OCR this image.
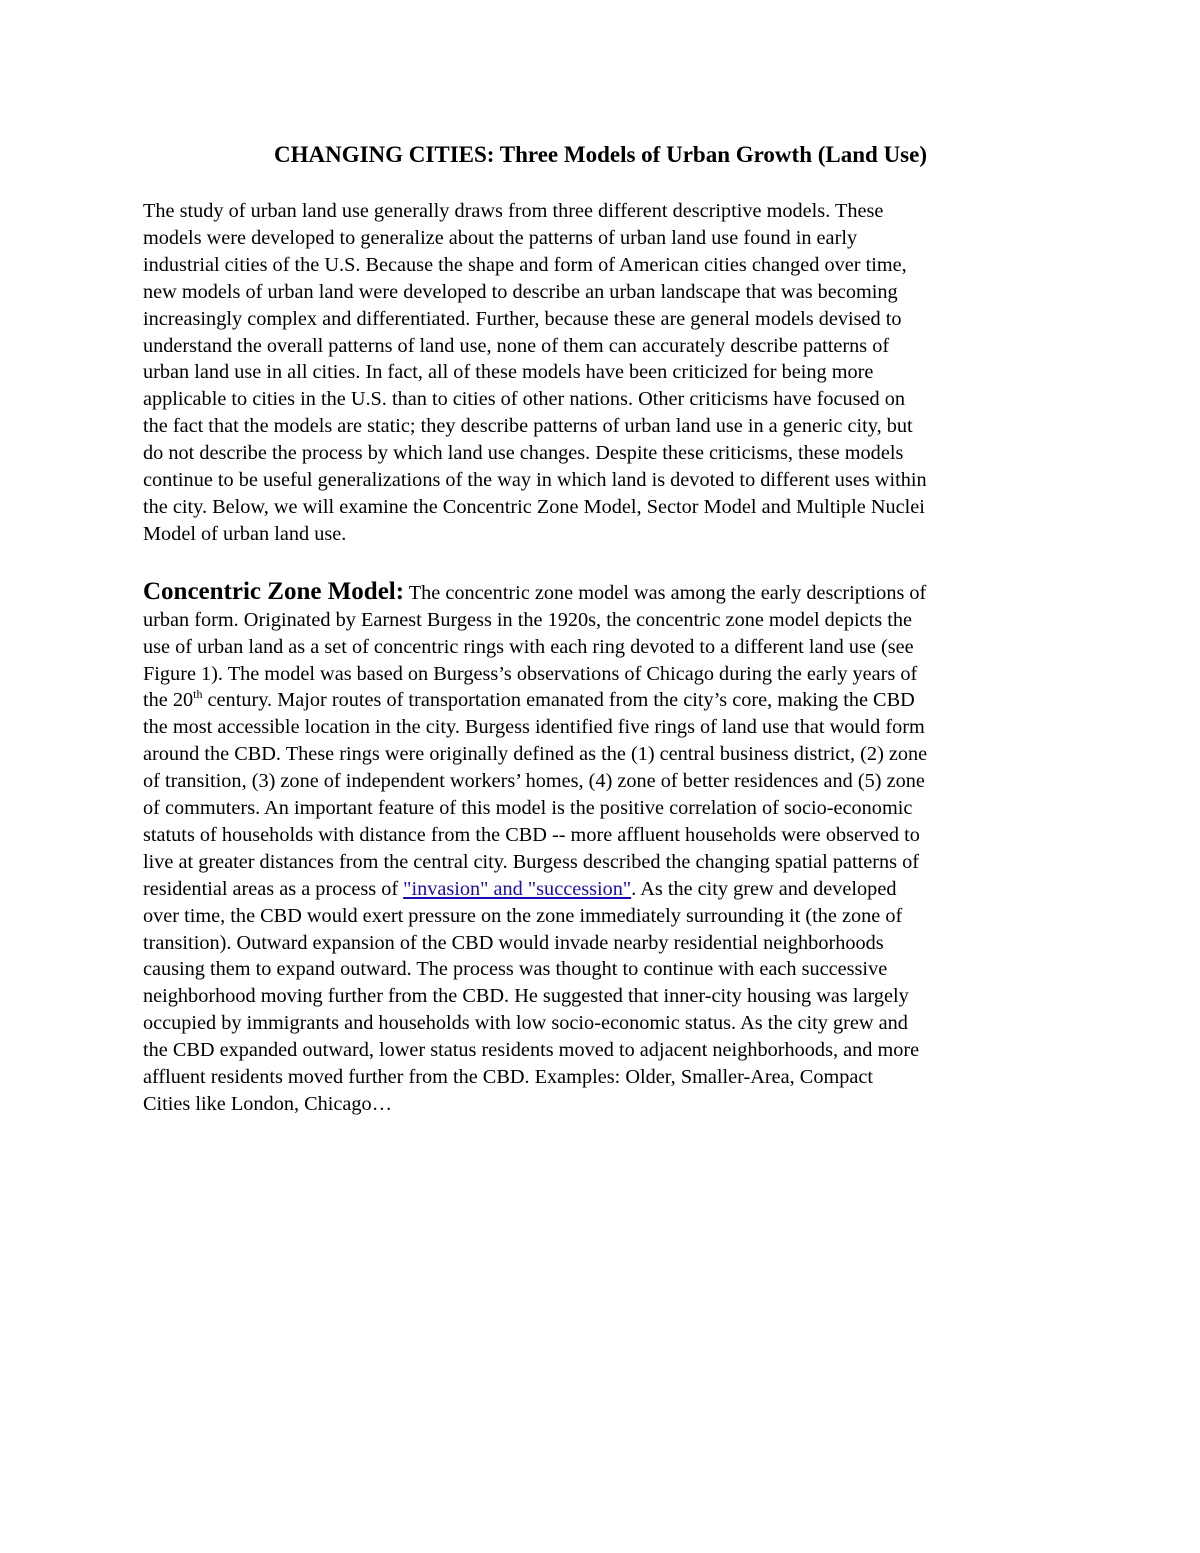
CHANGING CITIES: Three Models of Urban Growth (Land Use)

The study of urban land use generally draws from three different descriptive models. These
models were developed to generalize about the patterns of urban land use found in early
industrial cities of the U.S. Because the shape and form of American cities changed over time,
new models of urban land were developed to describe an urban landscape that was becoming
increasingly complex and differentiated. Further, because these are general models devised to
understand the overall patterns of land use, none of them can accurately describe patterns of
urban land use in all cities. In fact, all of these models have been criticized for being more
applicable to cities in the U.S. than to cities of other nations. Other criticisms have focused on
the fact that the models are static; they describe patterns of urban land use in a generic city, but
do not describe the process by which land use changes. Despite these criticisms, these models
continue to be useful generalizations of the way in which land is devoted to different uses within
the city. Below, we will examine the Concentric Zone Model, Sector Model and Multiple Nuclei
Model of urban land use.

Concentric Zone Model: The concentric zone model was among the early descriptions of
urban form. Originated by Earnest Burgess in the 1920s, the concentric zone model depicts the
use of urban land as a set of concentric rings with each ring devoted to a different land use (see
Figure 1). The model was based on Burgess’s observations of Chicago during the early years of
the 20th century. Major routes of transportation emanated from the city’s core, making the CBD
the most accessible location in the city. Burgess identified five rings of land use that would form
around the CBD. These rings were originally defined as the (1) central business district, (2) zone
of transition, (3) zone of independent workers’ homes, (4) zone of better residences and (5) zone
of commuters. An important feature of this model is the positive correlation of socio-economic
statuts of households with distance from the CBD -- more affluent households were observed to
live at greater distances from the central city. Burgess described the changing spatial patterns of
residential areas as a process of "invasion" and "succession". As the city grew and developed
over time, the CBD would exert pressure on the zone immediately surrounding it (the zone of
transition). Outward expansion of the CBD would invade nearby residential neighborhoods
causing them to expand outward. The process was thought to continue with each successive
neighborhood moving further from the CBD. He suggested that inner-city housing was largely
occupied by immigrants and households with low socio-economic status. As the city grew and
the CBD expanded outward, lower status residents moved to adjacent neighborhoods, and more
affluent residents moved further from the CBD. Examples: Older, Smaller-Area, Compact
Cities like London, Chicago…
